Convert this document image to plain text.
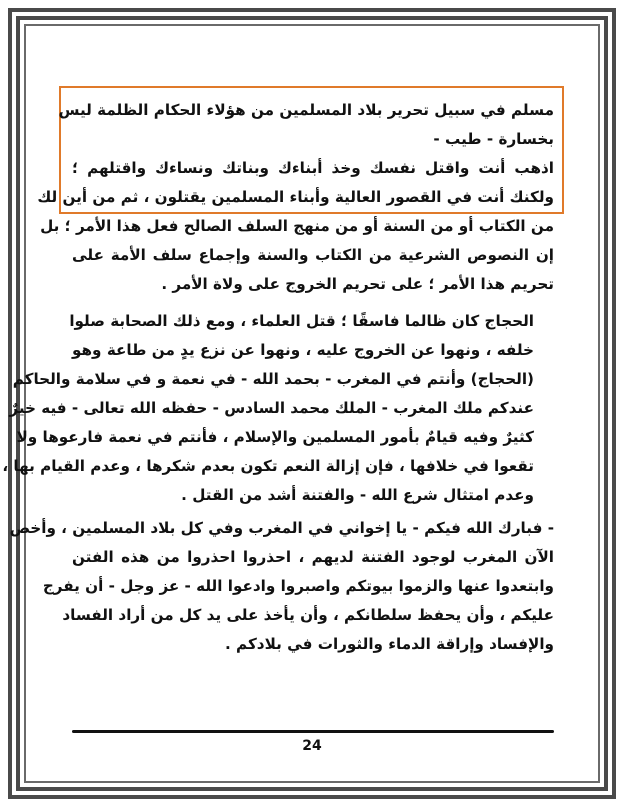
مسلم في سبيل تحرير بلاد المسلمين من هؤلاء الحكام الظلمة ليس
بخسارة - طيب -
اذهب أنت واقتل نفسك وخذ أبناءك وبناتك ونساءك واقتلهم ؛
ولكنك أنت في القصور العالية وأبناء المسلمين يقتلون ، ثم من أين لك
من الكتاب أو من السنة أو من منهج السلف الصالح فعل هذا الأمر ؛ بل
إن النصوص الشرعية من الكتاب والسنة وإجماع سلف الأمة على
تحريم هذا الأمر ؛ على تحريم الخروج على ولاة الأمر .
الحجاج كان ظالما فاسقًا ؛ قتل العلماء ، ومع ذلك الصحابة صلوا
خلفه ، ونهوا عن الخروج عليه ، ونهوا عن نزع يدٍ من طاعة وهو
(الحجاج) وأنتم في المغرب - بحمد الله - في نعمة و في سلامة والحاكم
عندكم ملك المغرب - الملك محمد السادس - حفظه الله تعالى - فيه خيرٌ
كثيرٌ وفيه قيامٌ بأمور المسلمين والإسلام ، فأنتم في نعمة فارعوها ولا
تقعوا في خلافها ، فإن إزالة النعم تكون بعدم شكرها ، وعدم القيام بها ،
وعدم امتثال شرع الله - والفتنة أشد من القتل .
- فبارك الله فيكم - يا إخواني في المغرب وفي كل بلاد المسلمين ، وأخص
الآن المغرب لوجود الفتنة لديهم ، احذروا احذروا من هذه الفتن
وابتعدوا عنها والزموا بيوتكم واصبروا وادعوا الله - عز وجل - أن يفرج
عليكم ، وأن يحفظ سلطانكم ، وأن يأخذ على يد كل من أراد الفساد
والإفساد وإراقة الدماء والثورات في بلادكم .
24
